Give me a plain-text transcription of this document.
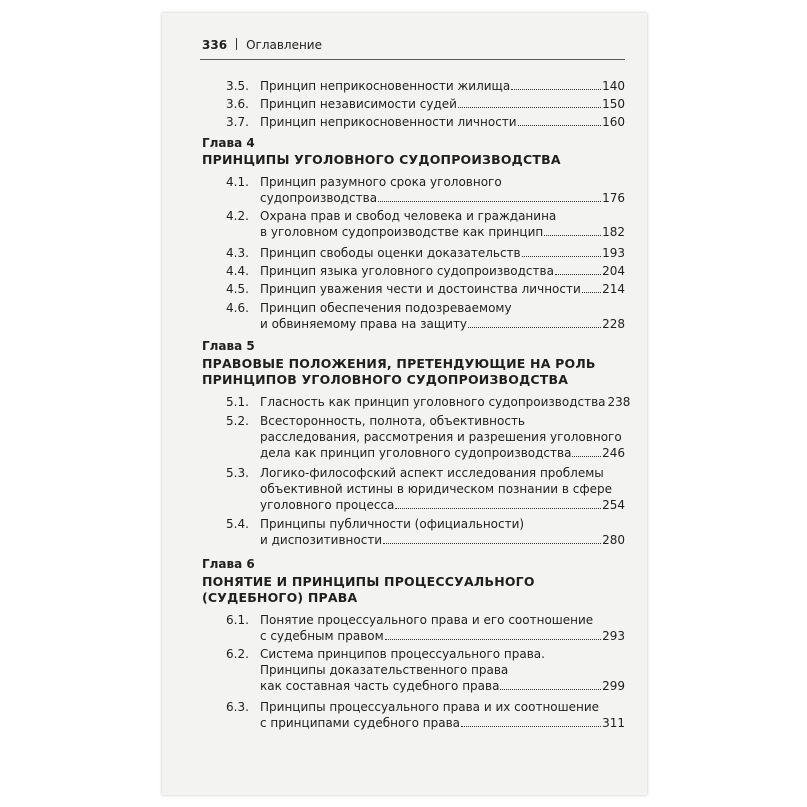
336 Оглавление
3.5. Принцип неприкосновенности жилища	140
3.6. Принцип независимости судей	150
3.7. Принцип неприкосновенности личности	160
Глава 4
ПРИНЦИПЫ УГОЛОВНОГО СУДОПРОИЗВОДСТВА
4.1. Принцип разумного срока уголовного
судопроизводства	176
4.2. Охрана прав и свобод человека и гражданина
в уголовном судопроизводстве как принцип	182
4.3. Принцип свободы оценки доказательств	193
4.4. Принцип языка уголовного судопроизводства	204
4.5. Принцип уважения чести и достоинства личности 214
4.6. Принцип обеспечения подозреваемому
и обвиняемому права на защиту	228
Глава 5
ПРАВОВЫЕ ПОЛОЖЕНИЯ, ПРЕТЕНДУЮЩИЕ НА РОЛЬ
ПРИНЦИПОВ УГОЛОВНОГО СУДОПРОИЗВОДСТВА
5.1. Гласность как принцип уголовного судопроизводства 238
5.2. Всесторонность, полнота, объективность
расследования, рассмотрения и разрешения уголовного
дела как принцип уголовного судопроизводства	246
5.3. Логико-философский аспект исследования проблемы
объективной истины в юридическом познании в сфере
уголовного процесса	254
5.4. Принципы публичности (официальности)
и диспозитивности	280
Глава 6
ПОНЯТИЕ И ПРИНЦИПЫ ПРОЦЕССУАЛЬНОГО
(СУДЕБНОГО) ПРАВА
6.1. Понятие процессуального права и его соотношение
с судебным правом	293
6.2. Система принципов процессуального права.
Принципы доказательственного права
как составная часть судебного права	299
6.3. Принципы процессуального права и их соотношение
с принципами судебного права	311
